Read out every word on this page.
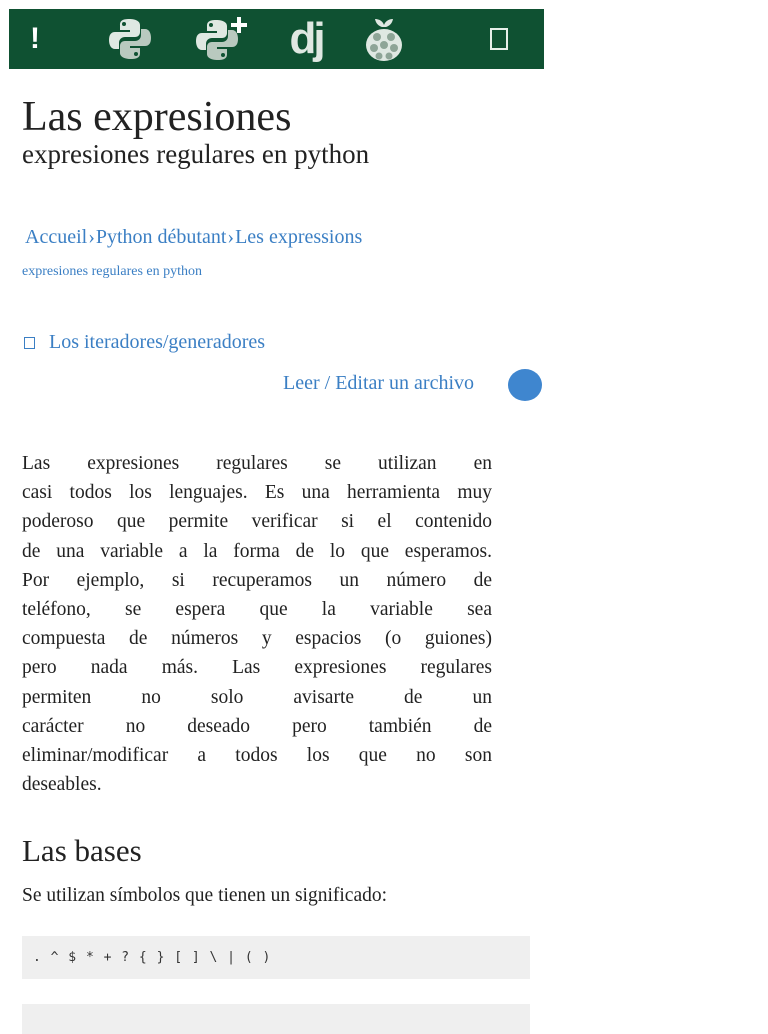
!	dj
Las expresiones
expresiones regulares en python
Accueil›Python débutant›Les expressions
expresiones regulares en python
Los iteradores/generadores
Leer / Editar un archivo
Las expresiones regulares se utilizan en
casi todos los lenguajes. Es una herramienta muy
poderoso que permite verificar si el contenido
de una variable a la forma de lo que esperamos.
Por ejemplo, si recuperamos un número de
teléfono, se espera que la variable sea
compuesta de números y espacios (o guiones)
pero nada más. Las expresiones regulares
permiten no solo avisarte de un
carácter no deseado pero también de
eliminar/modificar a todos los que no son
deseables.
Las bases

Se utilizan símbolos que tienen un significado:

. ^ $ * + ? { } [ ] \ | ( )
